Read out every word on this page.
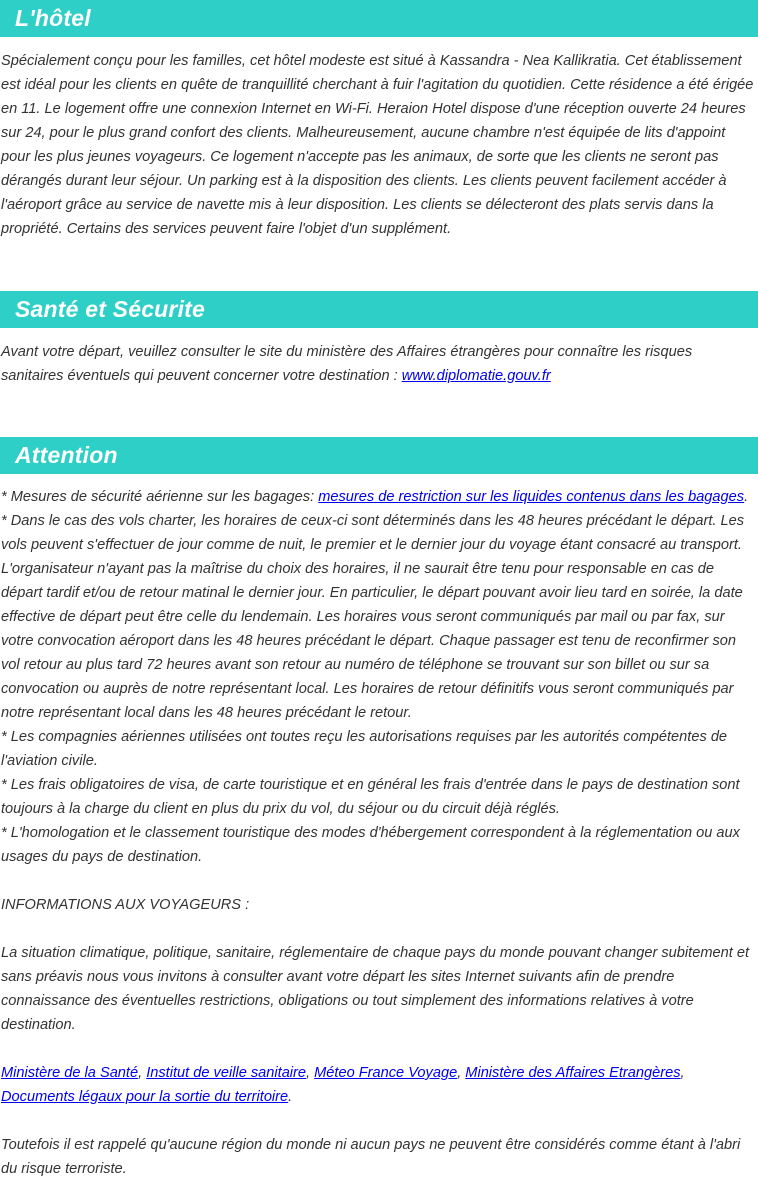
L'hôtel

Spécialement conçu pour les familles, cet hôtel modeste est situé à Kassandra - Nea Kallikratia. Cet établissement est idéal pour les clients en quête de tranquillité cherchant à fuir l'agitation du quotidien. Cette résidence a été érigée en 11. Le logement offre une connexion Internet en Wi-Fi. Heraion Hotel dispose d'une réception ouverte 24 heures sur 24, pour le plus grand confort des clients. Malheureusement, aucune chambre n'est équipée de lits d'appoint pour les plus jeunes voyageurs. Ce logement n'accepte pas les animaux, de sorte que les clients ne seront pas dérangés durant leur séjour. Un parking est à la disposition des clients. Les clients peuvent facilement accéder à l'aéroport grâce au service de navette mis à leur disposition. Les clients se délecteront des plats servis dans la propriété. Certains des services peuvent faire l'objet d'un supplément.

Santé et Sécurite

Avant votre départ, veuillez consulter le site du ministère des Affaires étrangères pour connaître les risques sanitaires éventuels qui peuvent concerner votre destination : www.diplomatie.gouv.fr

Attention
* Mesures de sécurité aérienne sur les bagages: mesures de restriction sur les liquides contenus dans les bagages.
* Dans le cas des vols charter, les horaires de ceux-ci sont déterminés dans les 48 heures précédant le départ. Les vols peuvent s'effectuer de jour comme de nuit, le premier et le dernier jour du voyage étant consacré au transport. L'organisateur n'ayant pas la maîtrise du choix des horaires, il ne saurait être tenu pour responsable en cas de départ tardif et/ou de retour matinal le dernier jour. En particulier, le départ pouvant avoir lieu tard en soirée, la date effective de départ peut être celle du lendemain. Les horaires vous seront communiqués par mail ou par fax, sur votre convocation aéroport dans les 48 heures précédant le départ. Chaque passager est tenu de reconfirmer son vol retour au plus tard 72 heures avant son retour au numéro de téléphone se trouvant sur son billet ou sur sa convocation ou auprès de notre représentant local. Les horaires de retour définitifs vous seront communiqués par notre représentant local dans les 48 heures précédant le retour.
* Les compagnies aériennes utilisées ont toutes reçu les autorisations requises par les autorités compétentes de l'aviation civile.
* Les frais obligatoires de visa, de carte touristique et en général les frais d'entrée dans le pays de destination sont toujours à la charge du client en plus du prix du vol, du séjour ou du circuit déjà réglés.
* L'homologation et le classement touristique des modes d'hébergement correspondent à la réglementation ou aux usages du pays de destination.
INFORMATIONS AUX VOYAGEURS :
La situation climatique, politique, sanitaire, réglementaire de chaque pays du monde pouvant changer subitement et sans préavis nous vous invitons à consulter avant votre départ les sites Internet suivants afin de prendre connaissance des éventuelles restrictions, obligations ou tout simplement des informations relatives à votre destination.
Ministère de la Santé, Institut de veille sanitaire, Méteo France Voyage, Ministère des Affaires Etrangères, Documents légaux pour la sortie du territoire.
Toutefois il est rappelé qu'aucune région du monde ni aucun pays ne peuvent être considérés comme étant à l'abri du risque terroriste.
